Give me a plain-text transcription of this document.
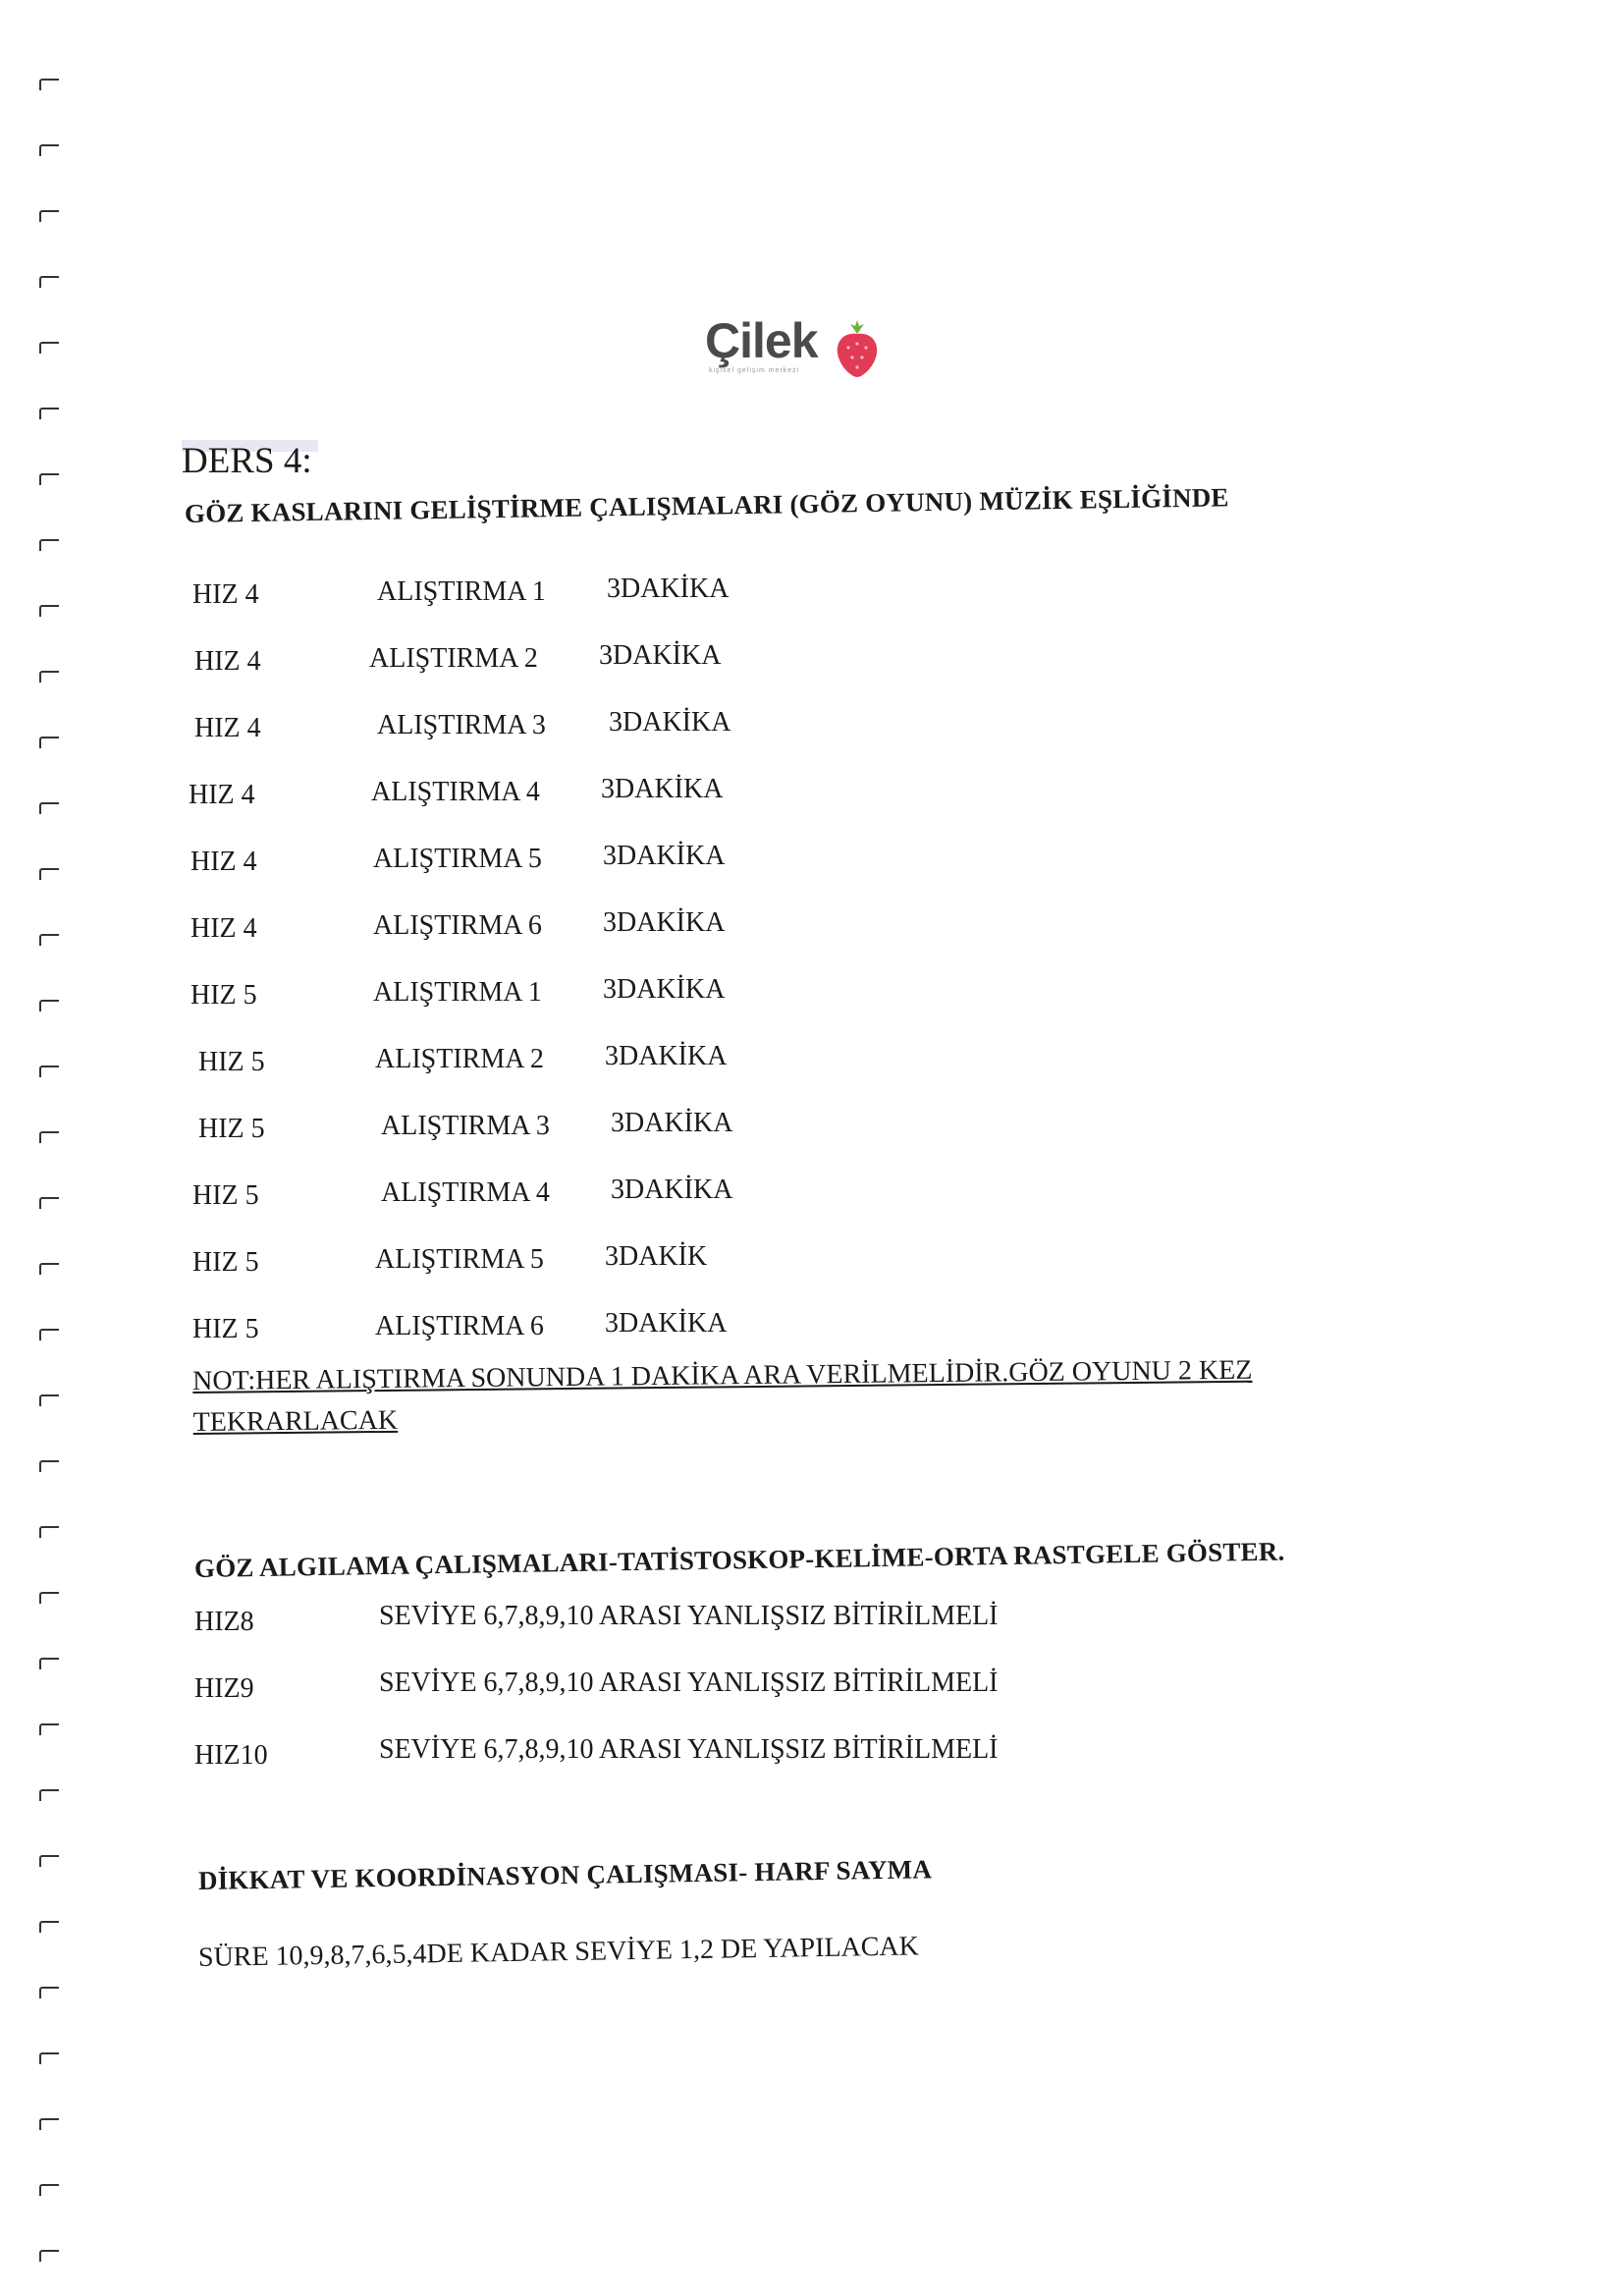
Çilek
kişisel gelişim merkezi
DERS 4:
GÖZ KASLARINI GELİŞTİRME ÇALIŞMALARI (GÖZ OYUNU) MÜZİK EŞLİĞİNDE
HIZ 4	ALIŞTIRMA 1 3DAKİKA
HIZ 4	ALIŞTIRMA 2 3DAKİKA
HIZ 4	ALIŞTIRMA 3 3DAKİKA
HIZ 4	ALIŞTIRMA 4 3DAKİKA
HIZ 4	ALIŞTIRMA 5 3DAKİKA
HIZ 4	ALIŞTIRMA 6 3DAKİKA
HIZ 5	ALIŞTIRMA 1 3DAKİKA
HIZ 5	ALIŞTIRMA 2 3DAKİKA
HIZ 5	ALIŞTIRMA 3 3DAKİKA
HIZ 5	ALIŞTIRMA 4 3DAKİKA
HIZ 5	ALIŞTIRMA 5 3DAKİK
HIZ 5	ALIŞTIRMA 6 3DAKİKA

NOT:HER ALIŞTIRMA SONUNDA 1 DAKİKA ARA VERİLMELİDİR.GÖZ OYUNU 2 KEZ TEKRARLACAK

GÖZ ALGILAMA ÇALIŞMALARI-TATİSTOSKOP-KELİME-ORTA RASTGELE GÖSTER.
HIZ8	SEVİYE 6,7,8,9,10 ARASI YANLIŞSIZ BİTİRİLMELİ
HIZ9	SEVİYE 6,7,8,9,10 ARASI YANLIŞSIZ BİTİRİLMELİ
HIZ10	SEVİYE 6,7,8,9,10 ARASI YANLIŞSIZ BİTİRİLMELİ
DİKKAT VE KOORDİNASYON ÇALIŞMASI- HARF SAYMA
SÜRE 10,9,8,7,6,5,4DE KADAR SEVİYE 1,2 DE YAPILACAK
